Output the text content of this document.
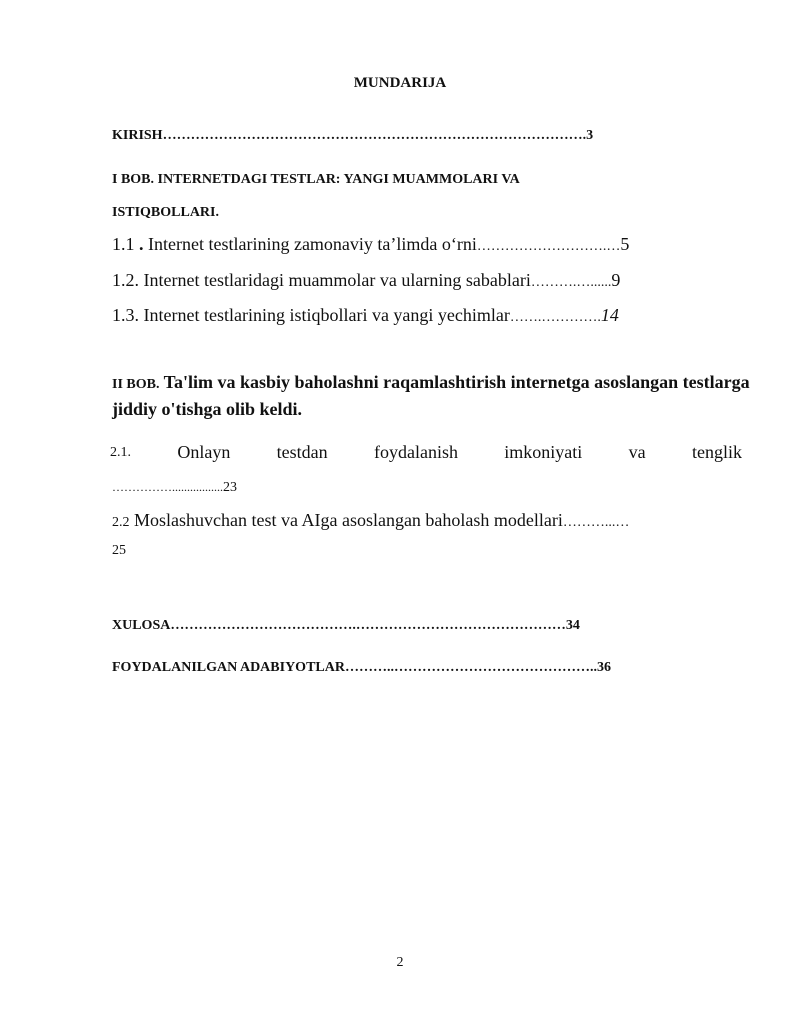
MUNDARIJA
KIRISH……………………………………………………………………………….3
I BOB. INTERNETDAGI TESTLAR: YANGI MUAMMOLARI VA
ISTIQBOLLARI.
1.1 . Internet testlarining zamonaviy ta’limda o‘rni……………………….…5
1.2. Internet testlaridagi muammolar va ularning sabablari……….…......9
1.3. Internet testlarining istiqbollari va yangi yechimlar…….………….14
II BOB. Ta'lim va kasbiy baholashni raqamlashtirish internetga asoslangan testlarga jiddiy o'tishga olib keldi.
2.1.	Onlayn	testdan	foydalanish	imkoniyati	va	tenglik
…………….................23
2.2 Moslashuvchan test va AIga asoslangan baholash modellari………...…
25
XULOSA………………………………….………………………………………34
FOYDALANILGAN ADABIYOTLAR………..……………………………………..36
2
